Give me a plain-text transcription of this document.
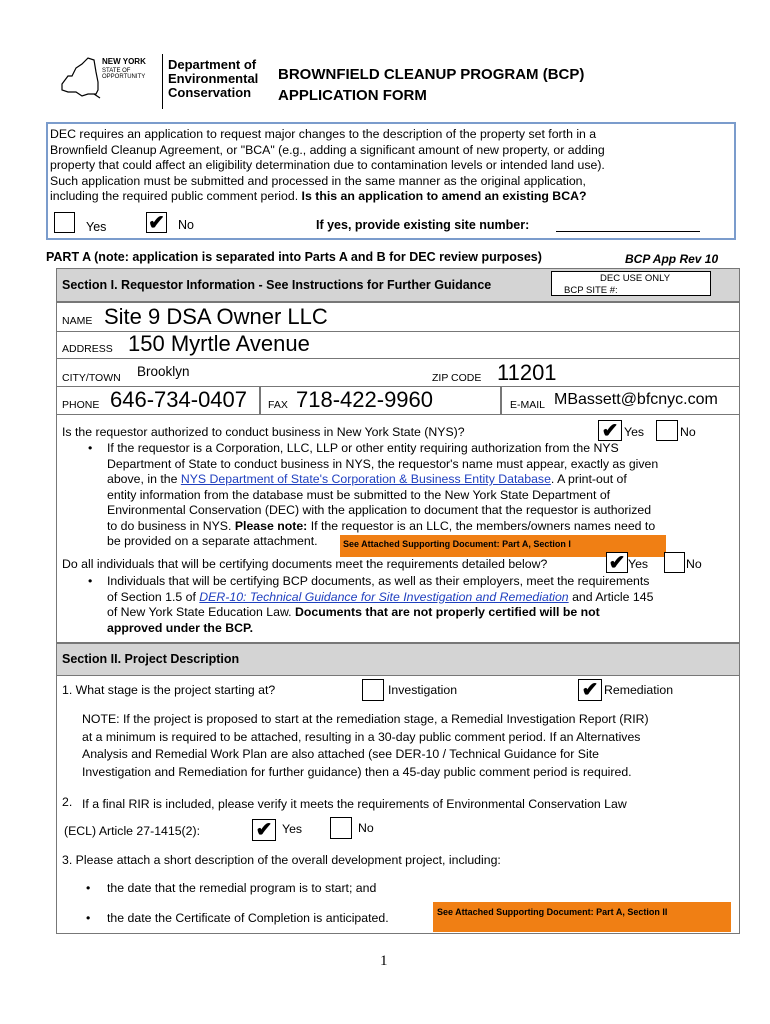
NEW YORK
STATE OF OPPORTUNITY
Department of
Environmental
Conservation
BROWNFIELD CLEANUP PROGRAM (BCP)
APPLICATION FORM
DEC requires an application to request major changes to the description of the property set forth in a
Brownfield Cleanup Agreement, or "BCA" (e.g., adding a significant amount of new property, or adding
property that could affect an eligibility determination due to contamination levels or intended land use).
Such application must be submitted and processed in the same manner as the original application,
including the required public comment period. Is this an application to amend an existing BCA?
Yes ✔ No	If yes, provide existing site number:
PART A (note: application is separated into Parts A and B for DEC review purposes)	BCP App Rev 10
Section I. Requestor Information - See Instructions for Further Guidance	DEC USE ONLY
BCP SITE #:
NAME Site 9 DSA Owner LLC
ADDRESS 150 Myrtle Avenue
CITY/TOWN Brooklyn	ZIP CODE 11201
PHONE 646-734-0407 FAX 718-422-9960	E-MAIL MBassett@bfcnyc.com
Is the requestor authorized to conduct business in New York State (NYS)?	✔ Yes	No
• If the requestor is a Corporation, LLC, LLP or other entity requiring authorization from the NYS
Department of State to conduct business in NYS, the requestor's name must appear, exactly as given
above, in the NYS Department of State's Corporation & Business Entity Database. A print-out of
entity information from the database must be submitted to the New York State Department of
Environmental Conservation (DEC) with the application to document that the requestor is authorized
to do business in NYS. Please note: If the requestor is an LLC, the members/owners names need to
be provided on a separate attachment.	See Attached Supporting Document: Part A, Section I
Do all individuals that will be certifying documents meet the requirements detailed below?	✔ Yes	No
• Individuals that will be certifying BCP documents, as well as their employers, meet the requirements
of Section 1.5 of DER-10: Technical Guidance for Site Investigation and Remediation and Article 145
of New York State Education Law. Documents that are not properly certified will be not
approved under the BCP.
Section II. Project Description
1. What stage is the project starting at?	Investigation	✔ Remediation
NOTE: If the project is proposed to start at the remediation stage, a Remedial Investigation Report (RIR)
at a minimum is required to be attached, resulting in a 30-day public comment period. If an Alternatives
Analysis and Remedial Work Plan are also attached (see DER-10 / Technical Guidance for Site
Investigation and Remediation for further guidance) then a 45-day public comment period is required.
2. If a final RIR is included, please verify it meets the requirements of Environmental Conservation Law
(ECL) Article 27-1415(2):	✔ Yes	No
3. Please attach a short description of the overall development project, including:
• the date that the remedial program is to start; and
• the date the Certificate of Completion is anticipated.	See Attached Supporting Document: Part A, Section II
1
